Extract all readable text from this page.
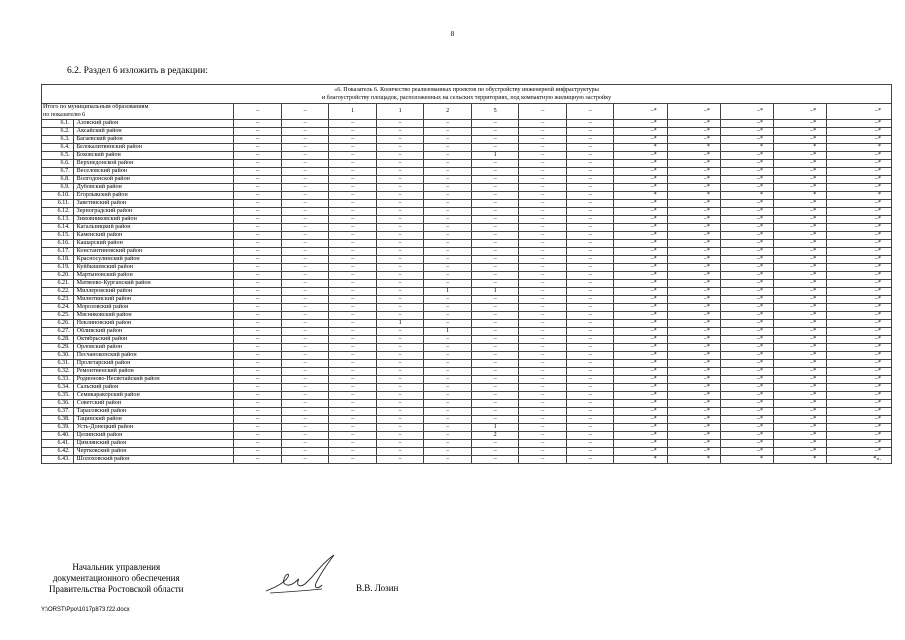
8
6.2. Раздел 6 изложить в редакции:
«6. Показатель 6. Количество реализованных проектов по обустройству инженерной инфраструктуры
и благоустройству площадок, расположенных на сельских территориях, под компактную жилищную застройку														

Итого по муниципальным образованиям
по показателю 6		–	–	1	1	2	5	–	–	–*	–*	–*	–*	–*
6.1.	Азовский район	–	–	–	–	–	–	–	–	–*	–*	–*	–*	–*
6.2.	Аксайский район	–	–	–	–	–	–	–	–	–*	–*	–*	–*	–*
6.3.	Багаевский район	–	–	–	–	–	–	–	–	–*	–*	–*	–*	–*
6.4.	Белокалитвинский район	–	–	–	–	–	–	–	–	*	*	*	*	*
6.5.	Боковский район	–	–	–	–	–	1	–	–	–*	–*	–*	–*	–*
6.6.	Верхнедонской район	–	–	–	–	–	–	–	–	–*	–*	–*	–*	–*
6.7.	Веселовский район	–	–	–	–	–	–	–	–	–*	–*	–*	–*	–*
6.8.	Волгодонской район	–	–	–	–	–	–	–	–	–*	–*	–*	–*	–*
6.9.	Дубовский район	–	–	–	–	–	–	–	–	–*	–*	–*	–*	–*
6.10.	Егорлыкский район	–	–	–	–	–	–	–	–	*	*	*	*	*
6.11.	Заветинский район	–	–	–	–	–	–	–	–	–*	–*	–*	–*	–*
6.12.	Зерноградский район	–	–	–	–	–	–	–	–	–*	–*	–*	–*	–*
6.13.	Зимовниковский район	–	–	–	–	–	–	–	–	–*	–*	–*	–*	–*
6.14.	Кагальницкий район	–	–	–	–	–	–	–	–	–*	–*	–*	–*	–*
6.15.	Каменский район	–	–	–	–	–	–	–	–	–*	–*	–*	–*	–*
6.16.	Кашарский район	–	–	–	–	–	–	–	–	–*	–*	–*	–*	–*
6.17.	Константиновский район	–	–	–	–	–	–	–	–	–*	–*	–*	–*	–*
6.18.	Красносулинский район	–	–	–	–	–	–	–	–	–*	–*	–*	–*	–*
6.19.	Куйбышевский район	–	–	–	–	–	–	–	–	–*	–*	–*	–*	–*
6.20.	Мартыновский район	–	–	–	–	–	–	–	–	–*	–*	–*	–*	–*
6.21.	Матвеево-Курганский район	–	–	–	–	–	–	–	–	–*	–*	–*	–*	–*
6.22.	Миллеровский район	–	–	–	–	1	1	–	–	–*	–*	–*	–*	–*
6.23.	Милютинский район	–	–	–	–	–	–	–	–	–*	–*	–*	–*	–*
6.24.	Морозовский район	–	–	–	–	–	–	–	–	–*	–*	–*	–*	–*
6.25.	Мясниковский район	–	–	–	–	–	–	–	–	–*	–*	–*	–*	–*
6.26.	Неклиновский район	–	–	–	1	–	–	–	–	–*	–*	–*	–*	–*
6.27.	Обливский район	–	–	–	–	1	–	–	–	–*	–*	–*	–*	–*
6.28.	Октябрьский район	–	–	–	–	–	–	–	–	–*	–*	–*	–*	–*
6.29.	Орловский район	–	–	–	–	–	–	–	–	–*	–*	–*	–*	–*
6.30.	Песчанокопский район	–	–	–	–	–	–	–	–	–*	–*	–*	–*	–*
6.31.	Пролетарский район	–	–	–	–	–	–	–	–	–*	–*	–*	–*	–*
6.32.	Ремонтненский район	–	–	–	–	–	–	–	–	–*	–*	–*	–*	–*
6.33.	Родионово-Несветайский район	–	–	–	–	–	–	–	–	–*	–*	–*	–*	–*
6.34.	Сальский район	–	–	–	–	–	–	–	–	–*	–*	–*	–*	–*
6.35.	Семикаракорский район	–	–	–	–	–	–	–	–	–*	–*	–*	–*	–*
6.36.	Советский район	–	–	–	–	–	–	–	–	–*	–*	–*	–*	–*
6.37.	Тарасовский район	–	–	–	–	–	–	–	–	–*	–*	–*	–*	–*
6.38.	Тацинский район	–	–	–	–	–	–	–	–	–*	–*	–*	–*	–*
6.39.	Усть-Донецкий район	–	–	–	–	–	1	–	–	–*	–*	–*	–*	–*
6.40.	Целинский район	–	–	–	–	–	2	–	–	–*	–*	–*	–*	–*
6.41.	Цимлянский район	–	–	–	–	–	–	–	–	–*	–*	–*	–*	–*
6.42.	Чертковский район	–	–	–	–	–	–	–	–	–*	–*	–*	–*	–*
6.43.	Шолоховский район	–	–	–	–	–	–	–	–	*	*	*	*	*».
Начальник управления
документационного обеспечения
Правительства Ростовской области	В.В. Лозин
Y:\ORST\Ppo\1017p873.f22.docx
